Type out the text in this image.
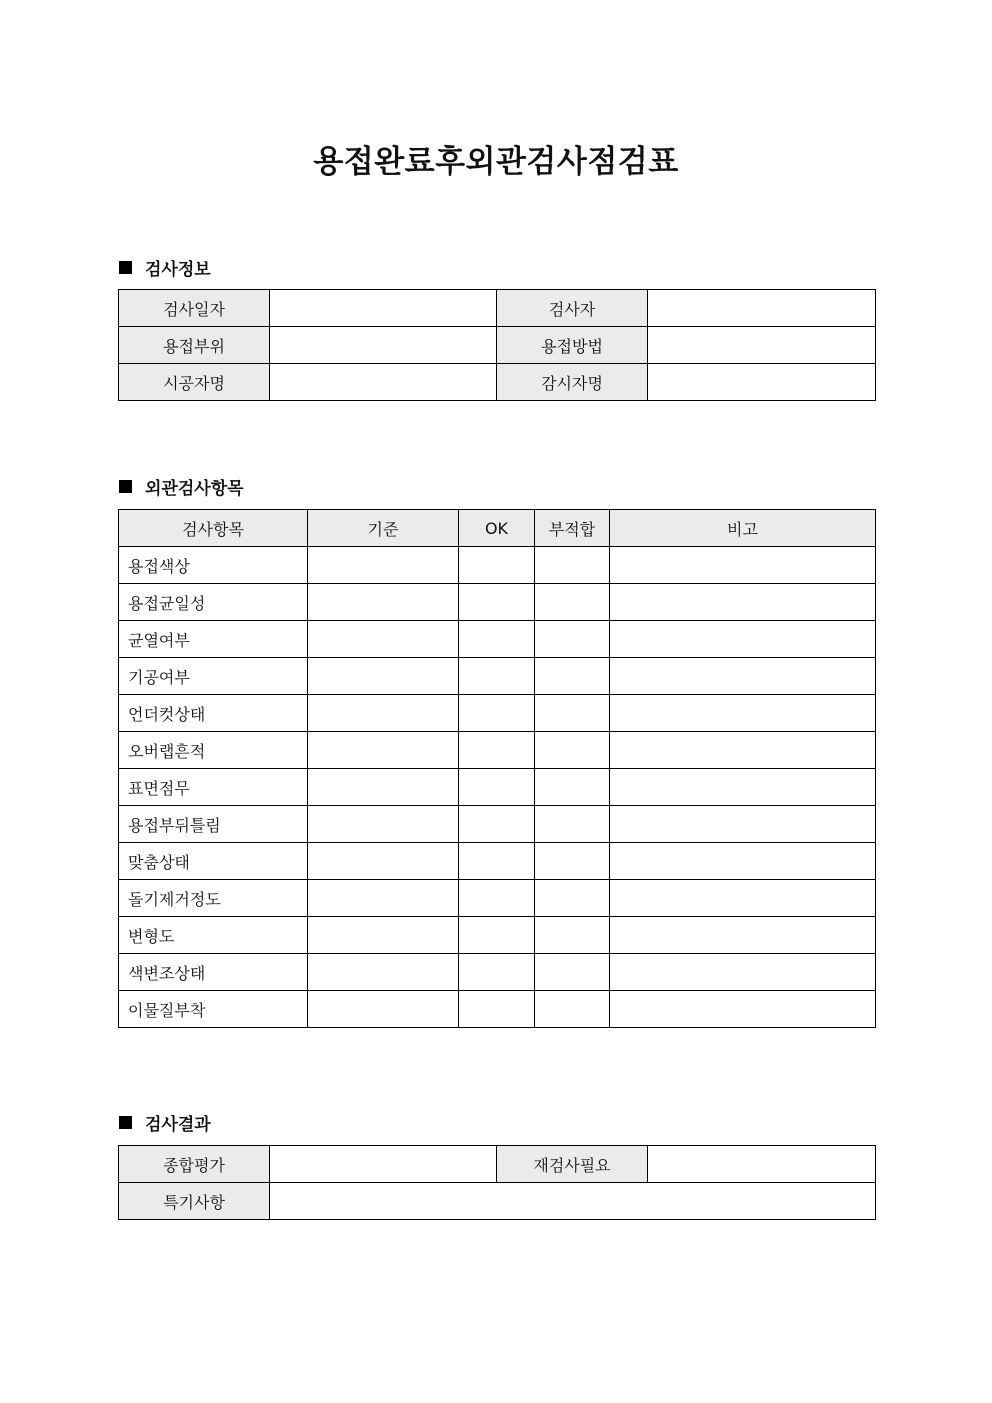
용접완료후외관검사점검표
검사정보
검사일자		검사자	
용접부위		용접방법	
시공자명		감시자명	
외관검사항목
검사항목	기준	OK	부적합	비고
용접색상				
용접균일성				
균열여부				
기공여부				
언더컷상태				
오버랩흔적				
표면점무				
용접부뒤틀림				
맞춤상태				
돌기제거정도				
변형도				
색변조상태				
이물질부착				
검사결과
종합평가		재검사필요	
특기사항			
